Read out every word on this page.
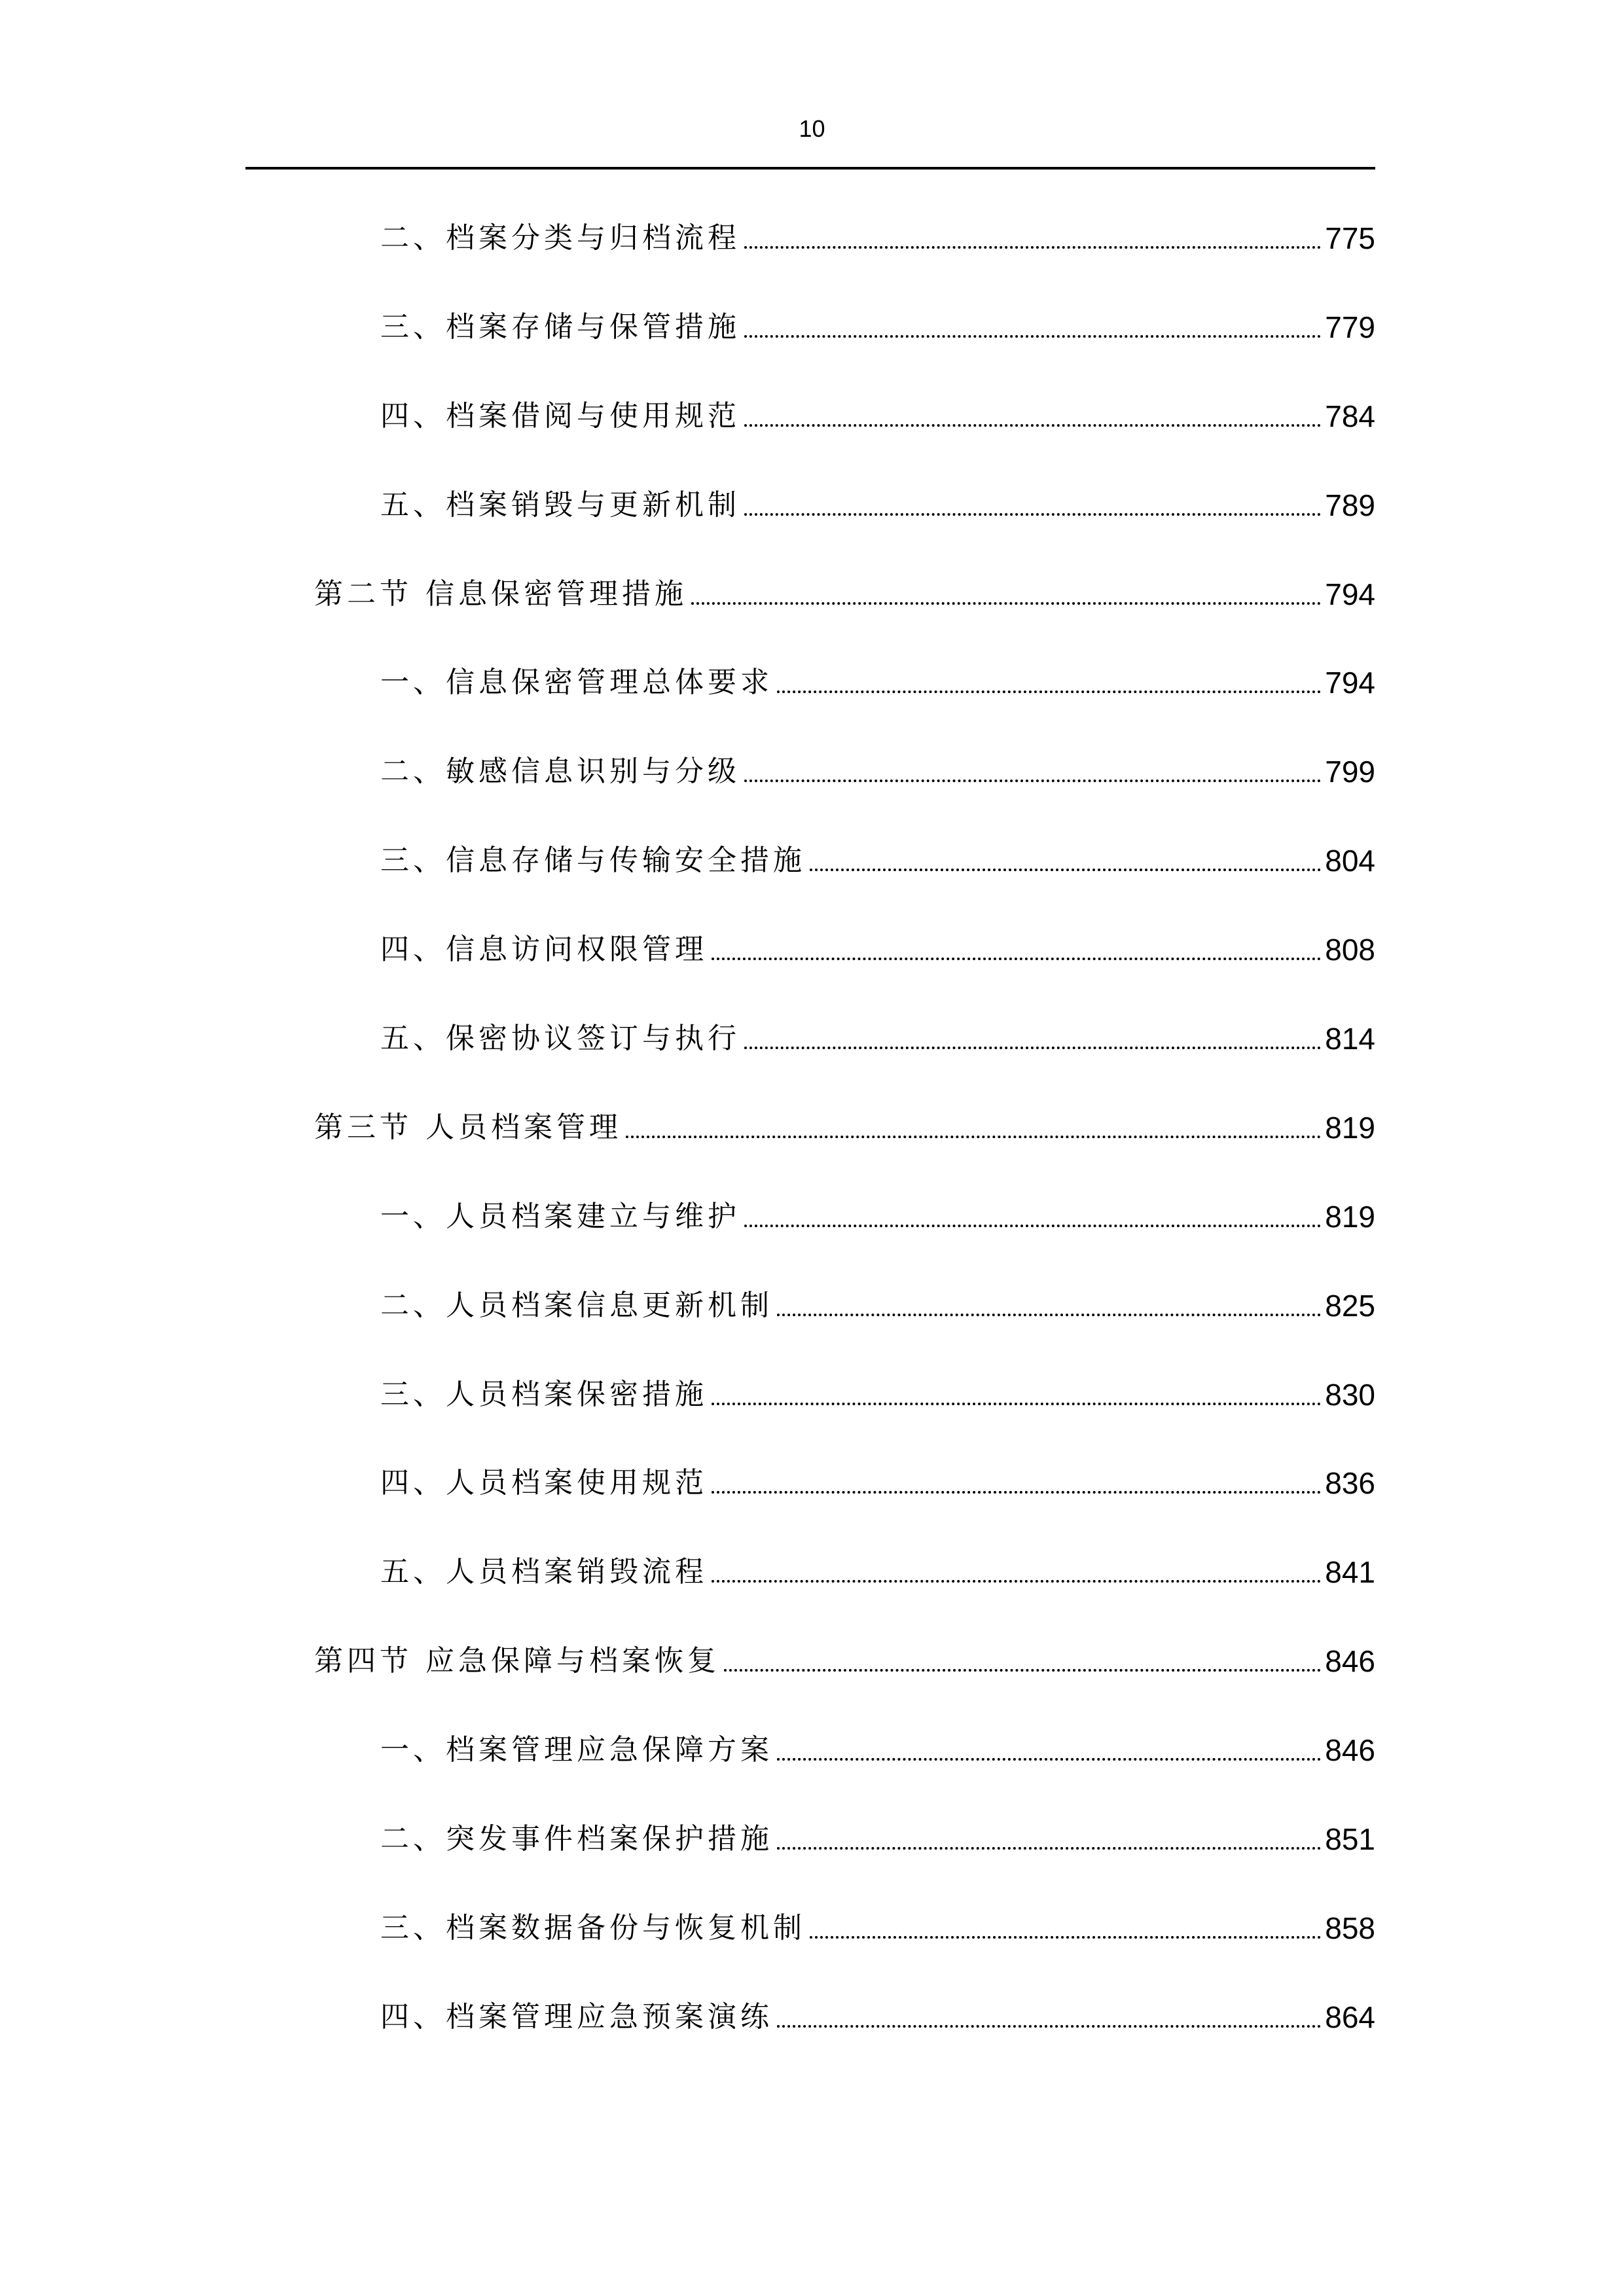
10
二、档案分类与归档流程	775
三、档案存储与保管措施	779
四、档案借阅与使用规范	784
五、档案销毁与更新机制	789
第二节 信息保密管理措施	794
一、信息保密管理总体要求	794
二、敏感信息识别与分级	799
三、信息存储与传输安全措施	804
四、信息访问权限管理	808
五、保密协议签订与执行	814
第三节 人员档案管理	819
一、人员档案建立与维护	819
二、人员档案信息更新机制	825
三、人员档案保密措施	830
四、人员档案使用规范	836
五、人员档案销毁流程	841
第四节 应急保障与档案恢复	846
一、档案管理应急保障方案	846
二、突发事件档案保护措施	851
三、档案数据备份与恢复机制	858
四、档案管理应急预案演练	864
